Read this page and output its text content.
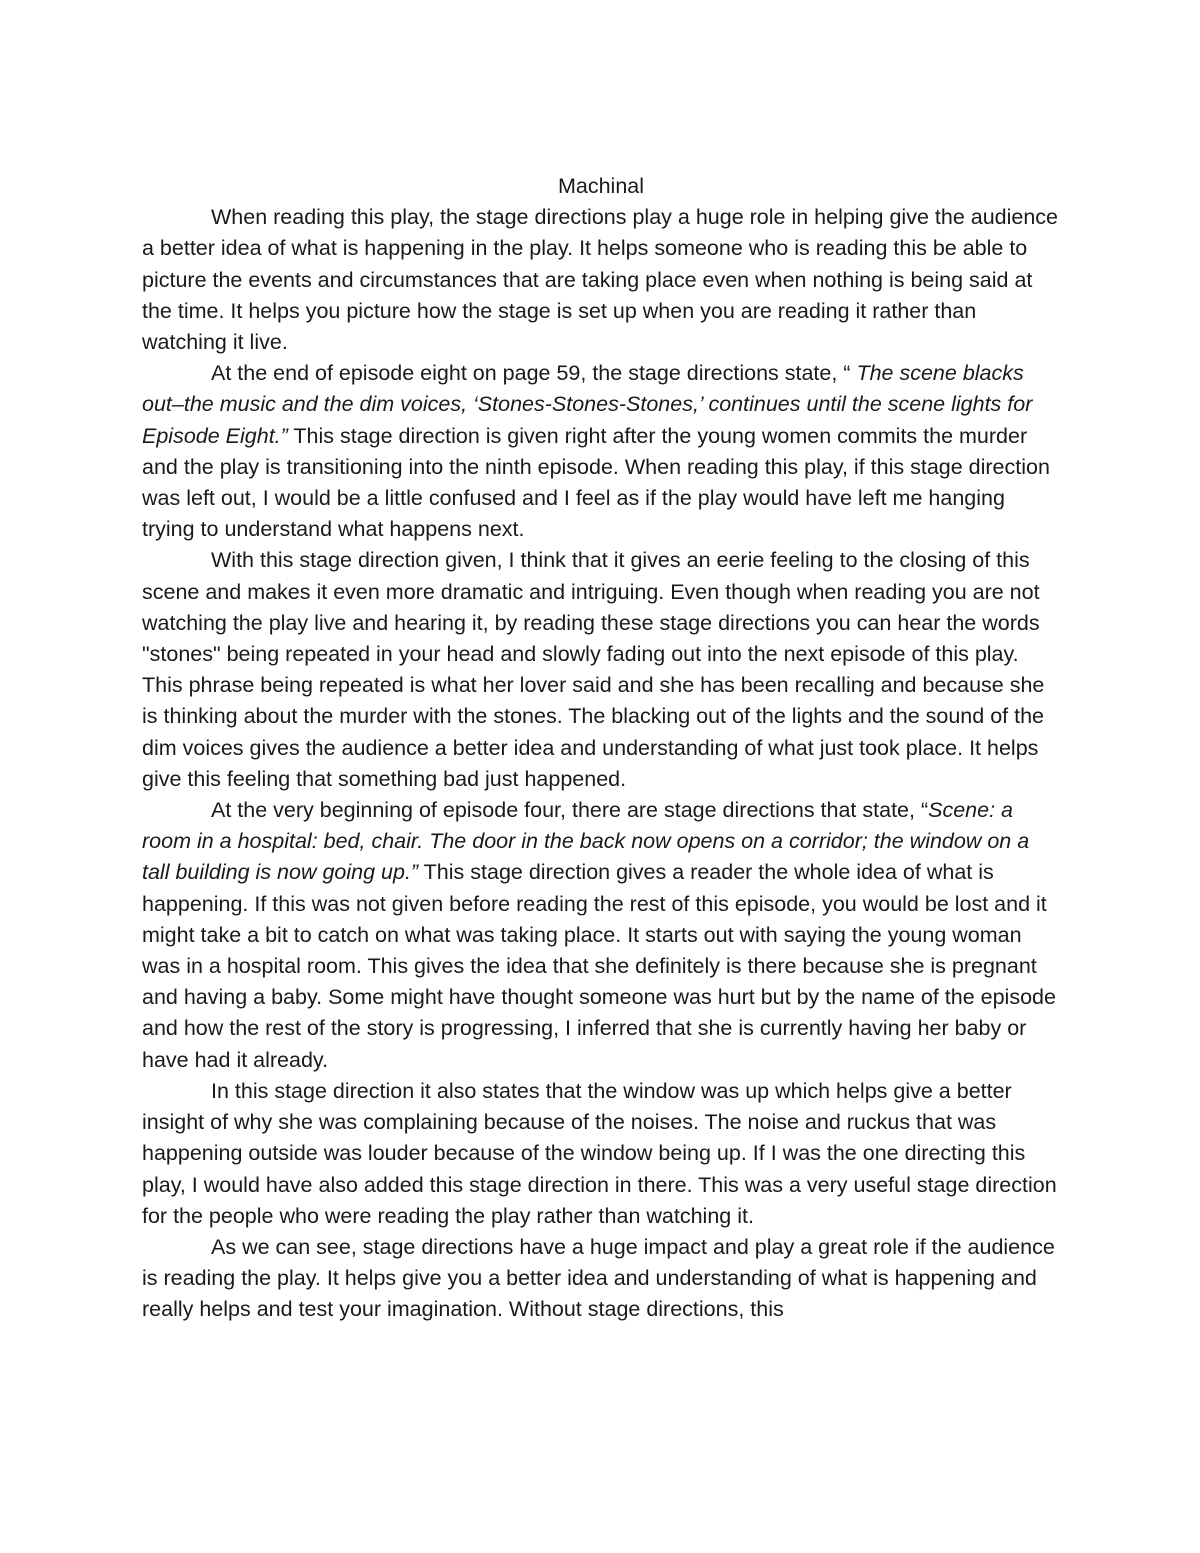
Machinal

When reading this play, the stage directions play a huge role in helping give the audience a better idea of what is happening in the play. It helps someone who is reading this be able to picture the events and circumstances that are taking place even when nothing is being said at the time. It helps you picture how the stage is set up when you are reading it rather than watching it live.

At the end of episode eight on page 59, the stage directions state, “ The scene blacks out–the music and the dim voices, ‘Stones-Stones-Stones,’ continues until the scene lights for Episode Eight.” This stage direction is given right after the young women commits the murder and the play is transitioning into the ninth episode. When reading this play, if this stage direction was left out, I would be a little confused and I feel as if the play would have left me hanging trying to understand what happens next.

With this stage direction given, I think that it gives an eerie feeling to the closing of this scene and makes it even more dramatic and intriguing. Even though when reading you are not watching the play live and hearing it, by reading these stage directions you can hear the words "stones" being repeated in your head and slowly fading out into the next episode of this play. This phrase being repeated is what her lover said and she has been recalling and because she is thinking about the murder with the stones. The blacking out of the lights and the sound of the dim voices gives the audience a better idea and understanding of what just took place. It helps give this feeling that something bad just happened.

At the very beginning of episode four, there are stage directions that state, “Scene: a room in a hospital: bed, chair. The door in the back now opens on a corridor; the window on a tall building is now going up.” This stage direction gives a reader the whole idea of what is happening. If this was not given before reading the rest of this episode, you would be lost and it might take a bit to catch on what was taking place. It starts out with saying the young woman was in a hospital room. This gives the idea that she definitely is there because she is pregnant and having a baby. Some might have thought someone was hurt but by the name of the episode and how the rest of the story is progressing, I inferred that she is currently having her baby or have had it already.

In this stage direction it also states that the window was up which helps give a better insight of why she was complaining because of the noises. The noise and ruckus that was happening outside was louder because of the window being up. If I was the one directing this play, I would have also added this stage direction in there. This was a very useful stage direction for the people who were reading the play rather than watching it.

As we can see, stage directions have a huge impact and play a great role if the audience is reading the play. It helps give you a better idea and understanding of what is happening and really helps and test your imagination. Without stage directions, this
